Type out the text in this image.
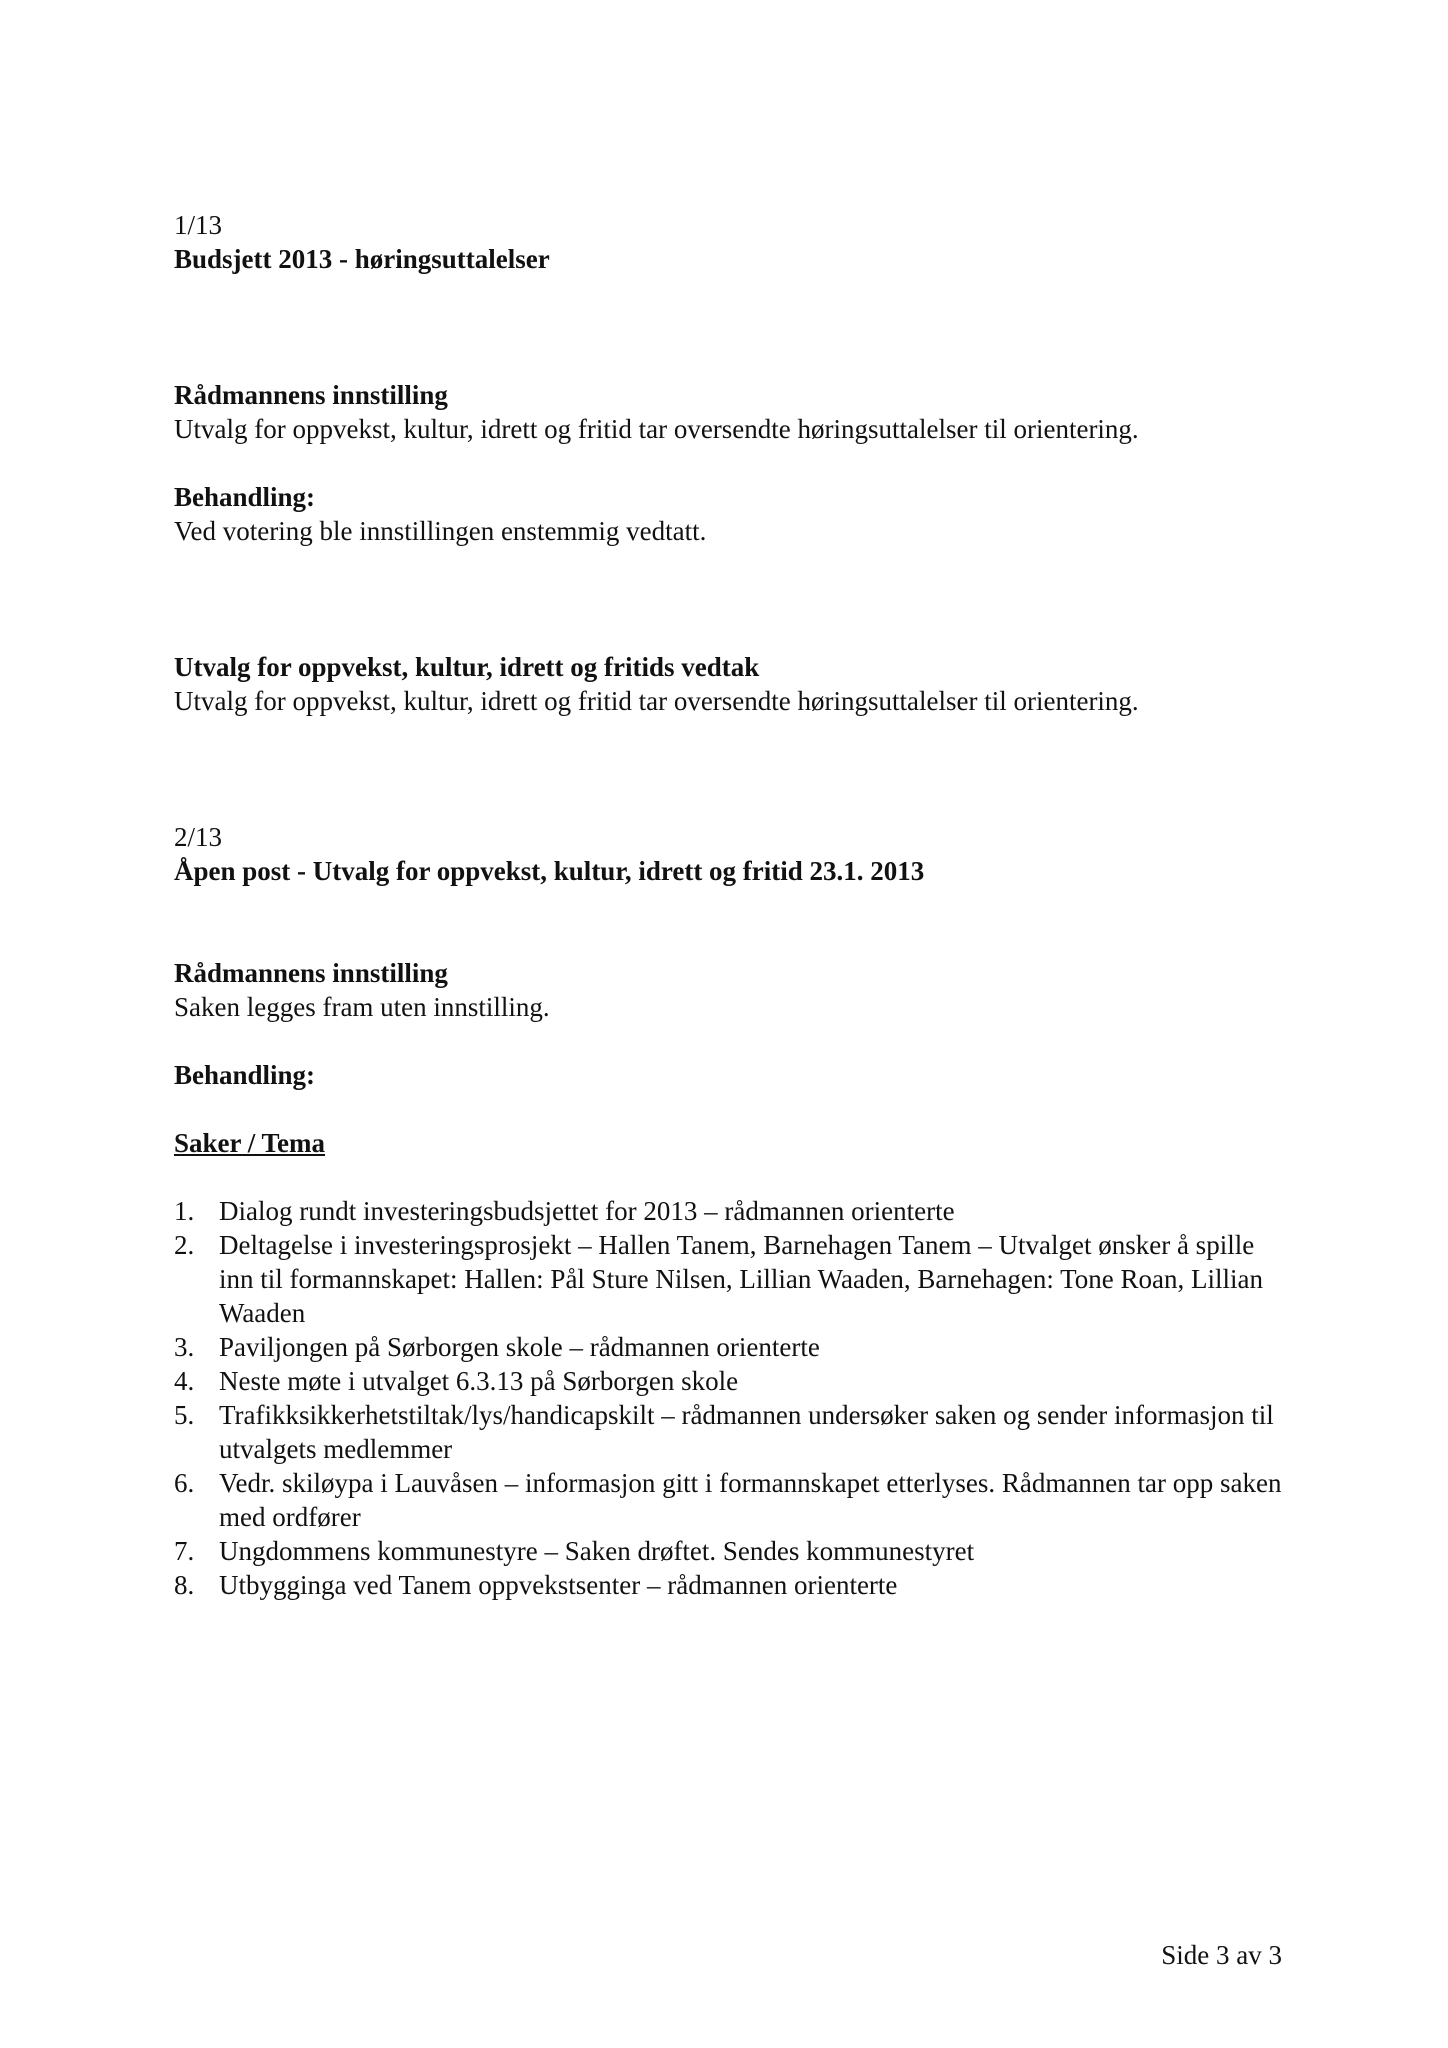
1/13

Budsjett 2013 - høringsuttalelser

Rådmannens innstilling

Utvalg for oppvekst, kultur, idrett og fritid tar oversendte høringsuttalelser til orientering.

Behandling:

Ved votering ble innstillingen enstemmig vedtatt.

Utvalg for oppvekst, kultur, idrett og fritids vedtak

Utvalg for oppvekst, kultur, idrett og fritid tar oversendte høringsuttalelser til orientering.

2/13

Åpen post - Utvalg for oppvekst, kultur, idrett og fritid 23.1. 2013

Rådmannens innstilling

Saken legges fram uten innstilling.

Behandling:

Saker / Tema

1. Dialog rundt investeringsbudsjettet for 2013 – rådmannen orienterte
2. Deltagelse i investeringsprosjekt – Hallen Tanem, Barnehagen Tanem – Utvalget ønsker å spille inn til formannskapet: Hallen: Pål Sture Nilsen, Lillian Waaden, Barnehagen: Tone Roan, Lillian Waaden
3. Paviljongen på Sørborgen skole – rådmannen orienterte
4. Neste møte i utvalget 6.3.13 på Sørborgen skole
5. Trafikksikkerhetstiltak/lys/handicapskilt – rådmannen undersøker saken og sender informasjon til utvalgets medlemmer
6. Vedr. skiløypa i Lauvåsen – informasjon gitt i formannskapet etterlyses. Rådmannen tar opp saken med ordfører
7. Ungdommens kommunestyre – Saken drøftet. Sendes kommunestyret
8. Utbygginga ved Tanem oppvekstsenter – rådmannen orienterte
Side 3 av 3
